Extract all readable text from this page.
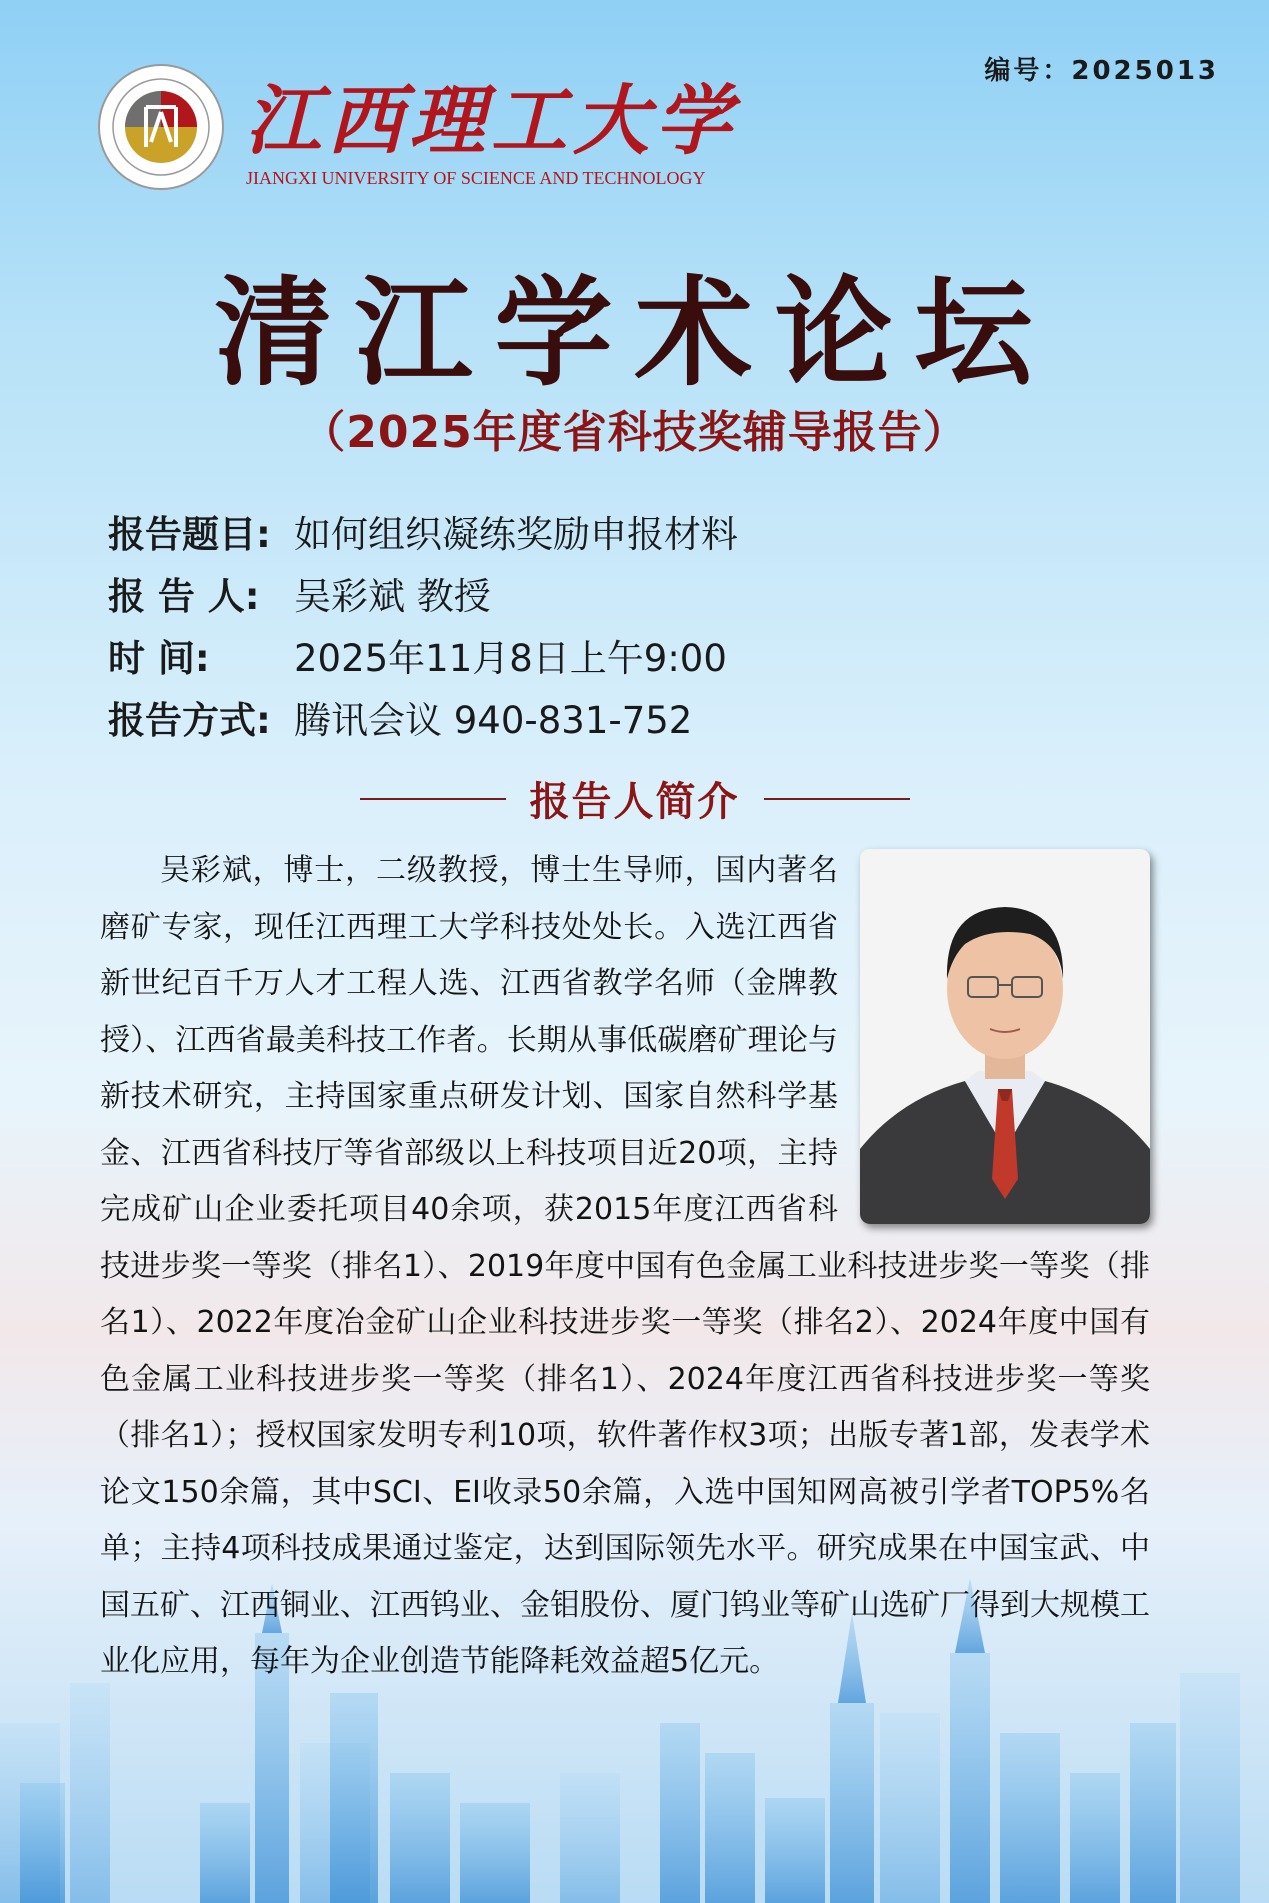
编号：2025013
江西理工大学
JIANGXI UNIVERSITY OF SCIENCE AND TECHNOLOGY
清江学术论坛
（2025年度省科技奖辅导报告）
报告题目: 如何组织凝练奖励申报材料
报 告 人: 吴彩斌 教授
时 间:	2025年11月8日上午9:00
报告方式: 腾讯会议 940-831-752
报告人简介

吴彩斌，博士，二级教授，博士生导师，国内著名磨矿专家，现任江西理工大学科技处处长。入选江西省新世纪百千万人才工程人选、江西省教学名师（金牌教授）、江西省最美科技工作者。长期从事低碳磨矿理论与新技术研究，主持国家重点研发计划、国家自然科学基金、江西省科技厅等省部级以上科技项目近20项，主持完成矿山企业委托项目40余项，获2015年度江西省科技进步奖一等奖（排名1）、2019年度中国有色金属工业科技进步奖一等奖（排名1）、2022年度冶金矿山企业科技进步奖一等奖（排名2）、2024年度中国有色金属工业科技进步奖一等奖（排名1）、2024年度江西省科技进步奖一等奖（排名1）；授权国家发明专利10项，软件著作权3项；出版专著1部，发表学术论文150余篇，其中SCI、EI收录50余篇，入选中国知网高被引学者TOP5%名单；主持4项科技成果通过鉴定，达到国际领先水平。研究成果在中国宝武、中国五矿、江西铜业、江西钨业、金钼股份、厦门钨业等矿山选矿厂得到大规模工业化应用，每年为企业创造节能降耗效益超5亿元。
